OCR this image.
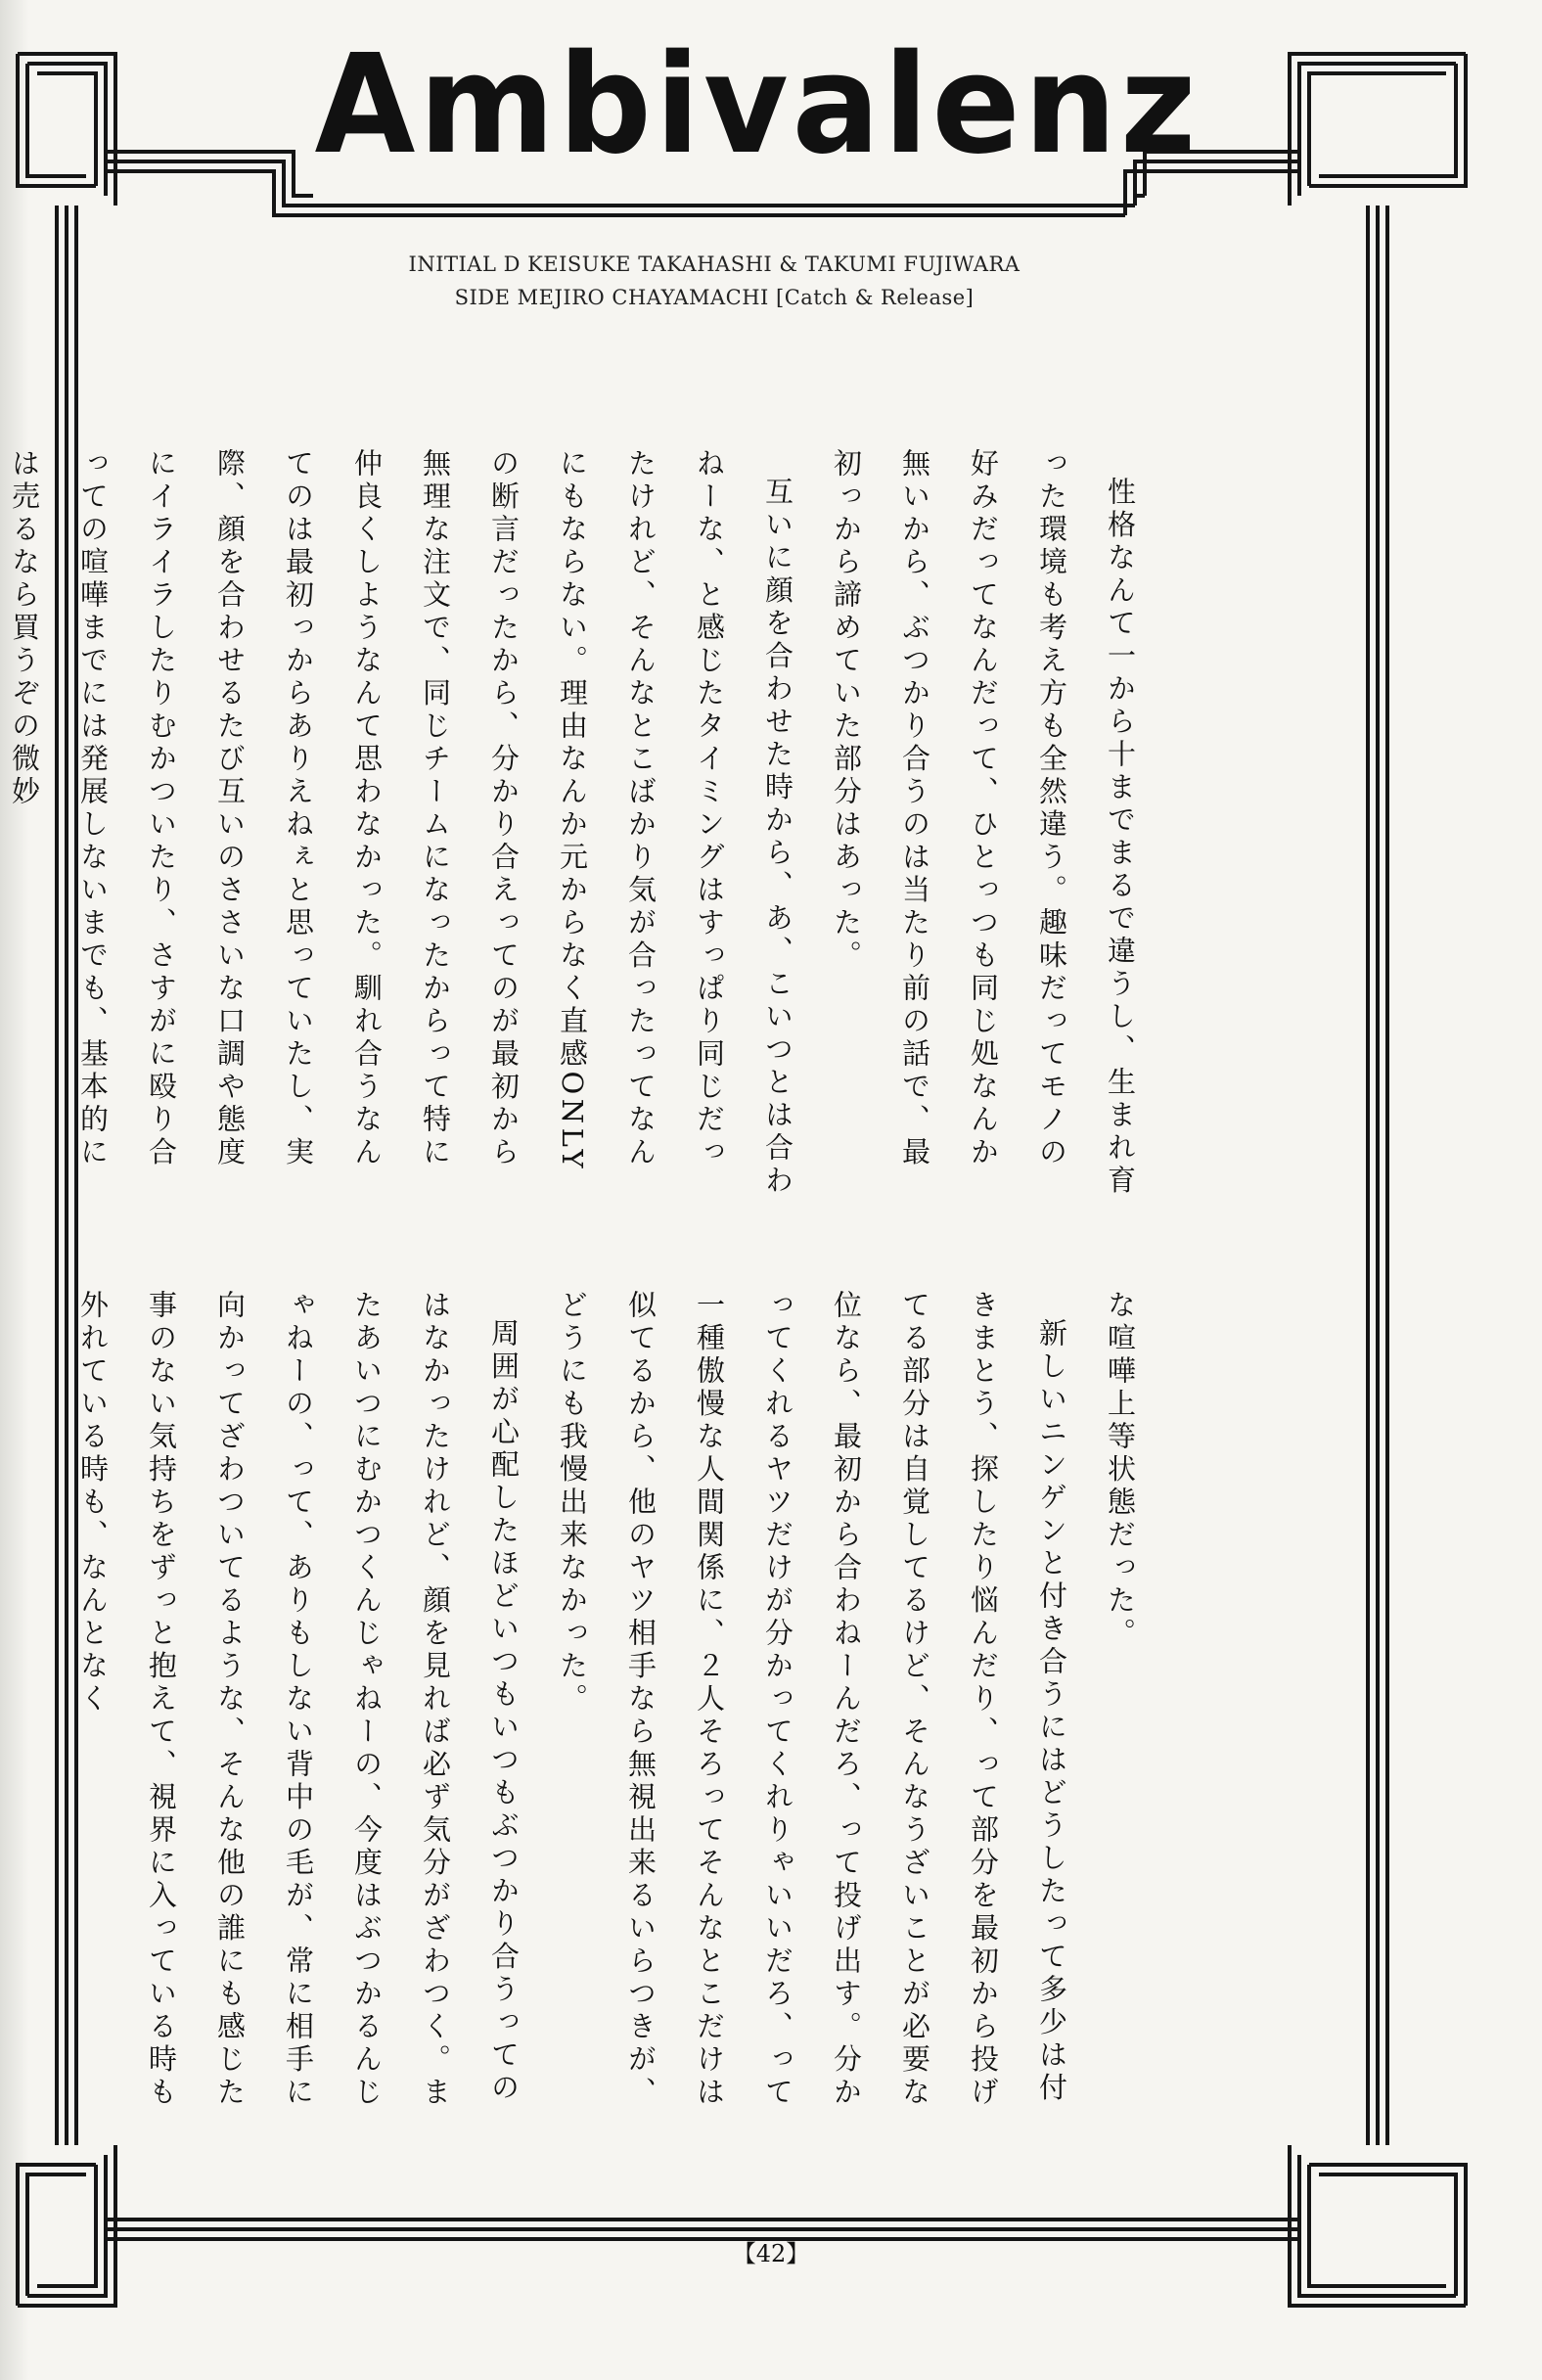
Ambivalenz
INITIAL D KEISUKE TAKAHASHI & TAKUMI FUJIWARA
SIDE MEJIRO CHAYAMACHI [Catch & Release]

性格なんて一から十までまるで違うし、生まれ育った環境も考え方も全然違う。趣味だってモノの好みだってなんだって、ひとっつも同じ処なんか無いから、ぶつかり合うのは当たり前の話で、最初っから諦めていた部分はあった。

互いに顔を合わせた時から、あ、こいつとは合わねーな、と感じたタイミングはすっぱり同じだったけれど、そんなとこばかり気が合ったってなんにもならない。理由なんか元からなく直感ONLYの断言だったから、分かり合えってのが最初から無理な注文で、同じチームになったからって特に仲良くしようなんて思わなかった。馴れ合うなんてのは最初っからありえねぇと思っていたし、実際、顔を合わせるたび互いのささいな口調や態度にイライラしたりむかついたり、さすがに殴り合っての喧嘩までには発展しないまでも、基本的には売るなら買うぞの微妙

な喧嘩上等状態だった。

新しいニンゲンと付き合うにはどうしたって多少は付きまとう、探したり悩んだり、って部分を最初から投げてる部分は自覚してるけど、そんなうざいことが必要な位なら、最初から合わねーんだろ、って投げ出す。分かってくれるヤツだけが分かってくれりゃいいだろ、って一種傲慢な人間関係に、２人そろってそんなとこだけは似てるから、他のヤツ相手なら無視出来るいらつきが、どうにも我慢出来なかった。

周囲が心配したほどいつもいつもぶつかり合うってのはなかったけれど、顔を見れば必ず気分がざわつく。またあいつにむかつくんじゃねーの、今度はぶつかるんじゃねーの、って、ありもしない背中の毛が、常に相手に向かってざわついてるような、そんな他の誰にも感じた事のない気持ちをずっと抱えて、視界に入っている時も外れている時も、なんとなく

【42】
